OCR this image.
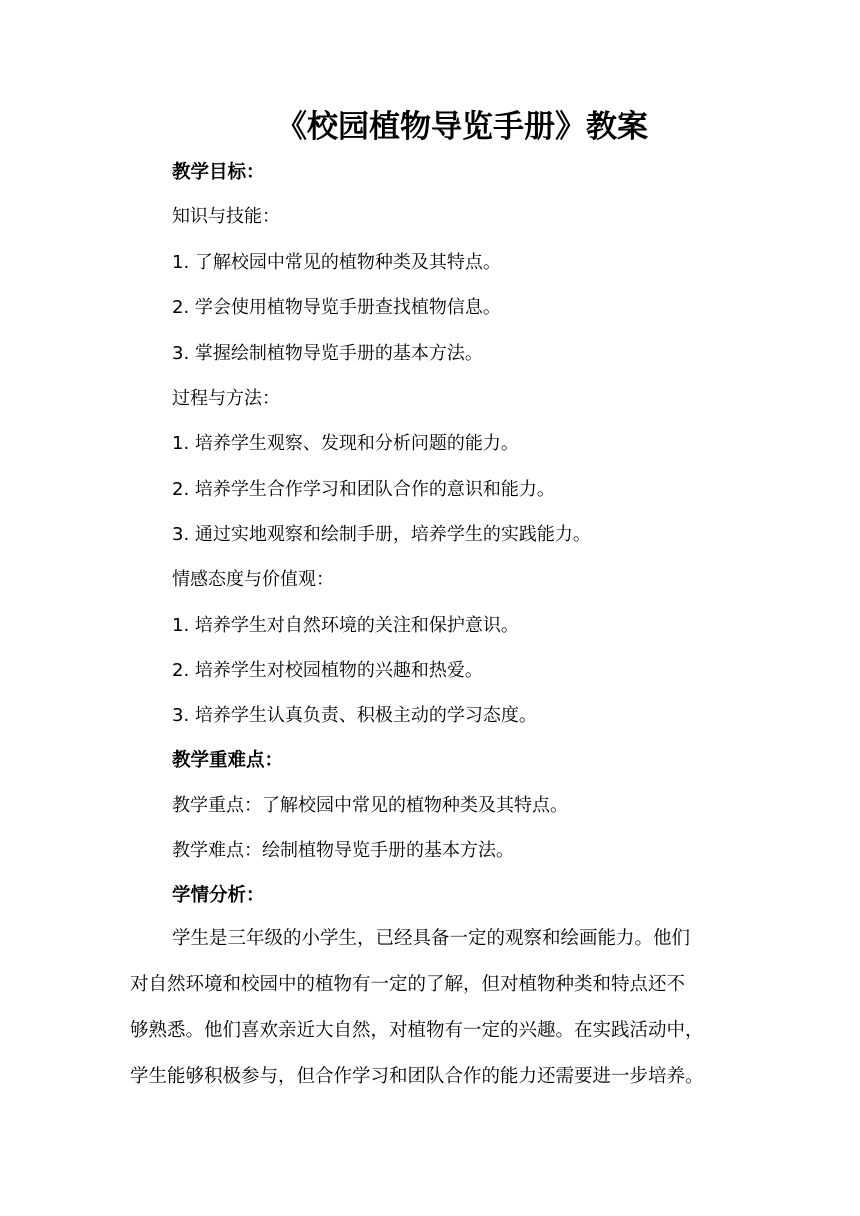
《校园植物导览手册》教案
教学目标：
知识与技能：
1. 了解校园中常见的植物种类及其特点。
2. 学会使用植物导览手册查找植物信息。
3. 掌握绘制植物导览手册的基本方法。
过程与方法：
1. 培养学生观察、发现和分析问题的能力。
2. 培养学生合作学习和团队合作的意识和能力。
3. 通过实地观察和绘制手册，培养学生的实践能力。
情感态度与价值观：
1. 培养学生对自然环境的关注和保护意识。
2. 培养学生对校园植物的兴趣和热爱。
3. 培养学生认真负责、积极主动的学习态度。
教学重难点：
教学重点：了解校园中常见的植物种类及其特点。
教学难点：绘制植物导览手册的基本方法。
学情分析：
学生是三年级的小学生，已经具备一定的观察和绘画能力。他们
对自然环境和校园中的植物有一定的了解，但对植物种类和特点还不
够熟悉。他们喜欢亲近大自然，对植物有一定的兴趣。在实践活动中，
学生能够积极参与，但合作学习和团队合作的能力还需要进一步培养。
